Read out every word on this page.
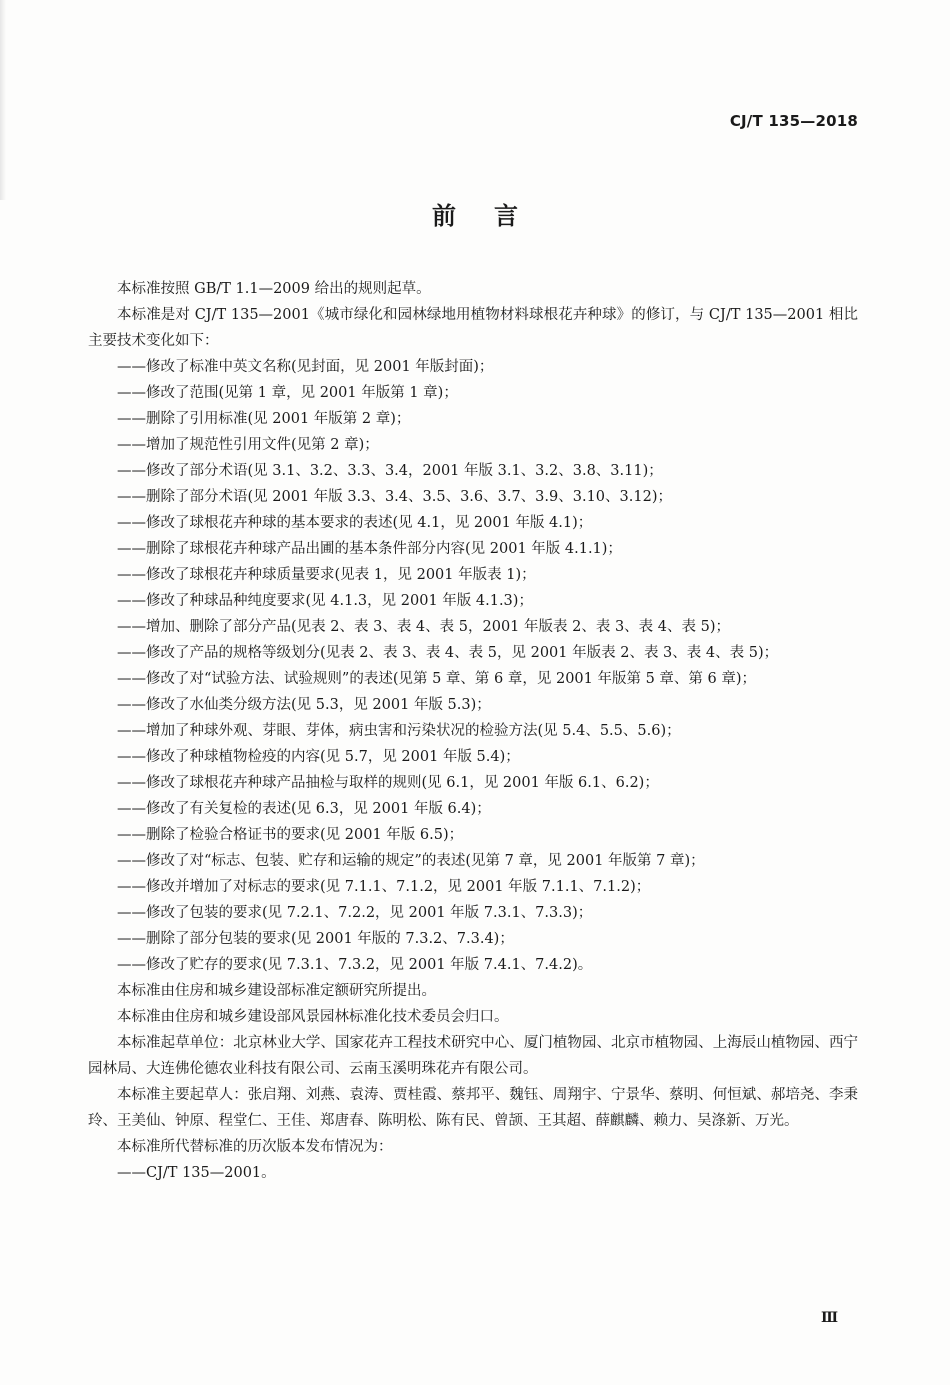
CJ/T 135—2018
前言

本标准按照 GB/T 1.1—2009 给出的规则起草。

本标准是对 CJ/T 135—2001《城市绿化和园林绿地用植物材料球根花卉种球》的修订，与 CJ/T 135—2001 相比主要技术变化如下：

——修改了标准中英文名称(见封面，见 2001 年版封面)；

——修改了范围(见第 1 章，见 2001 年版第 1 章)；

——删除了引用标准(见 2001 年版第 2 章)；

——增加了规范性引用文件(见第 2 章)；

——修改了部分术语(见 3.1、3.2、3.3、3.4，2001 年版 3.1、3.2、3.8、3.11)；

——删除了部分术语(见 2001 年版 3.3、3.4、3.5、3.6、3.7、3.9、3.10、3.12)；

——修改了球根花卉种球的基本要求的表述(见 4.1，见 2001 年版 4.1)；

——删除了球根花卉种球产品出圃的基本条件部分内容(见 2001 年版 4.1.1)；

——修改了球根花卉种球质量要求(见表 1，见 2001 年版表 1)；

——修改了种球品种纯度要求(见 4.1.3，见 2001 年版 4.1.3)；

——增加、删除了部分产品(见表 2、表 3、表 4、表 5，2001 年版表 2、表 3、表 4、表 5)；

——修改了产品的规格等级划分(见表 2、表 3、表 4、表 5，见 2001 年版表 2、表 3、表 4、表 5)；

——修改了对“试验方法、试验规则”的表述(见第 5 章、第 6 章，见 2001 年版第 5 章、第 6 章)；

——修改了水仙类分级方法(见 5.3，见 2001 年版 5.3)；

——增加了种球外观、芽眼、芽体，病虫害和污染状况的检验方法(见 5.4、5.5、5.6)；

——修改了种球植物检疫的内容(见 5.7，见 2001 年版 5.4)；

——修改了球根花卉种球产品抽检与取样的规则(见 6.1，见 2001 年版 6.1、6.2)；

——修改了有关复检的表述(见 6.3，见 2001 年版 6.4)；

——删除了检验合格证书的要求(见 2001 年版 6.5)；

——修改了对“标志、包装、贮存和运输的规定”的表述(见第 7 章，见 2001 年版第 7 章)；

——修改并增加了对标志的要求(见 7.1.1、7.1.2，见 2001 年版 7.1.1、7.1.2)；

——修改了包装的要求(见 7.2.1、7.2.2，见 2001 年版 7.3.1、7.3.3)；

——删除了部分包装的要求(见 2001 年版的 7.3.2、7.3.4)；

——修改了贮存的要求(见 7.3.1、7.3.2，见 2001 年版 7.4.1、7.4.2)。

本标准由住房和城乡建设部标准定额研究所提出。

本标准由住房和城乡建设部风景园林标准化技术委员会归口。

本标准起草单位：北京林业大学、国家花卉工程技术研究中心、厦门植物园、北京市植物园、上海辰山植物园、西宁园林局、大连佛伦德农业科技有限公司、云南玉溪明珠花卉有限公司。

本标准主要起草人：张启翔、刘燕、袁涛、贾桂霞、蔡邦平、魏钰、周翔宇、宁景华、蔡明、何恒斌、郝培尧、李秉玲、王美仙、钟原、程堂仁、王佳、郑唐春、陈明松、陈有民、曾颉、王其超、薛麒麟、赖力、吴涤新、万光。

本标准所代替标准的历次版本发布情况为：

——CJ/T 135—2001。

Ⅲ
